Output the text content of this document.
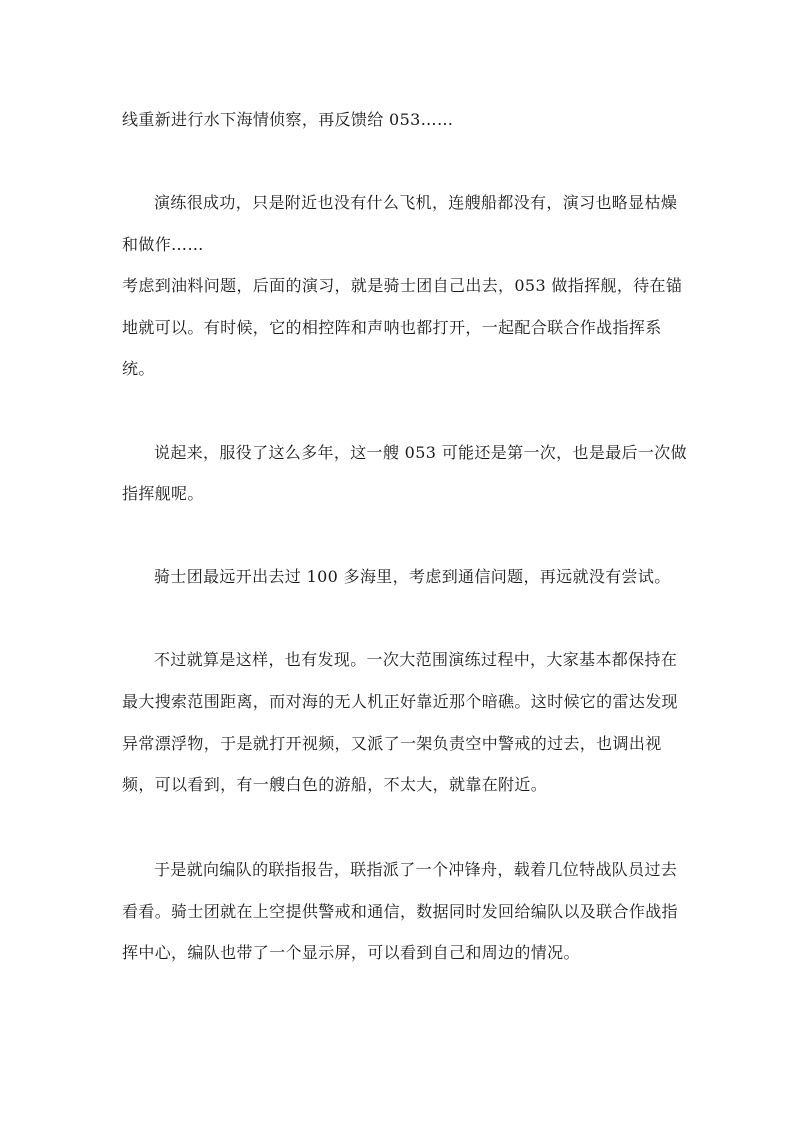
线重新进行水下海情侦察，再反馈给 053……
演练很成功，只是附近也没有什么飞机，连艘船都没有，演习也略显枯燥
和做作……
考虑到油料问题，后面的演习，就是骑士团自己出去，053 做指挥舰，待在锚
地就可以。有时候，它的相控阵和声呐也都打开，一起配合联合作战指挥系
统。
说起来，服役了这么多年，这一艘 053 可能还是第一次，也是最后一次做
指挥舰呢。
骑士团最远开出去过 100 多海里，考虑到通信问题，再远就没有尝试。
不过就算是这样，也有发现。一次大范围演练过程中，大家基本都保持在
最大搜索范围距离，而对海的无人机正好靠近那个暗礁。这时候它的雷达发现
异常漂浮物，于是就打开视频，又派了一架负责空中警戒的过去，也调出视
频，可以看到，有一艘白色的游船，不太大，就靠在附近。
于是就向编队的联指报告，联指派了一个冲锋舟，载着几位特战队员过去
看看。骑士团就在上空提供警戒和通信，数据同时发回给编队以及联合作战指
挥中心，编队也带了一个显示屏，可以看到自己和周边的情况。
